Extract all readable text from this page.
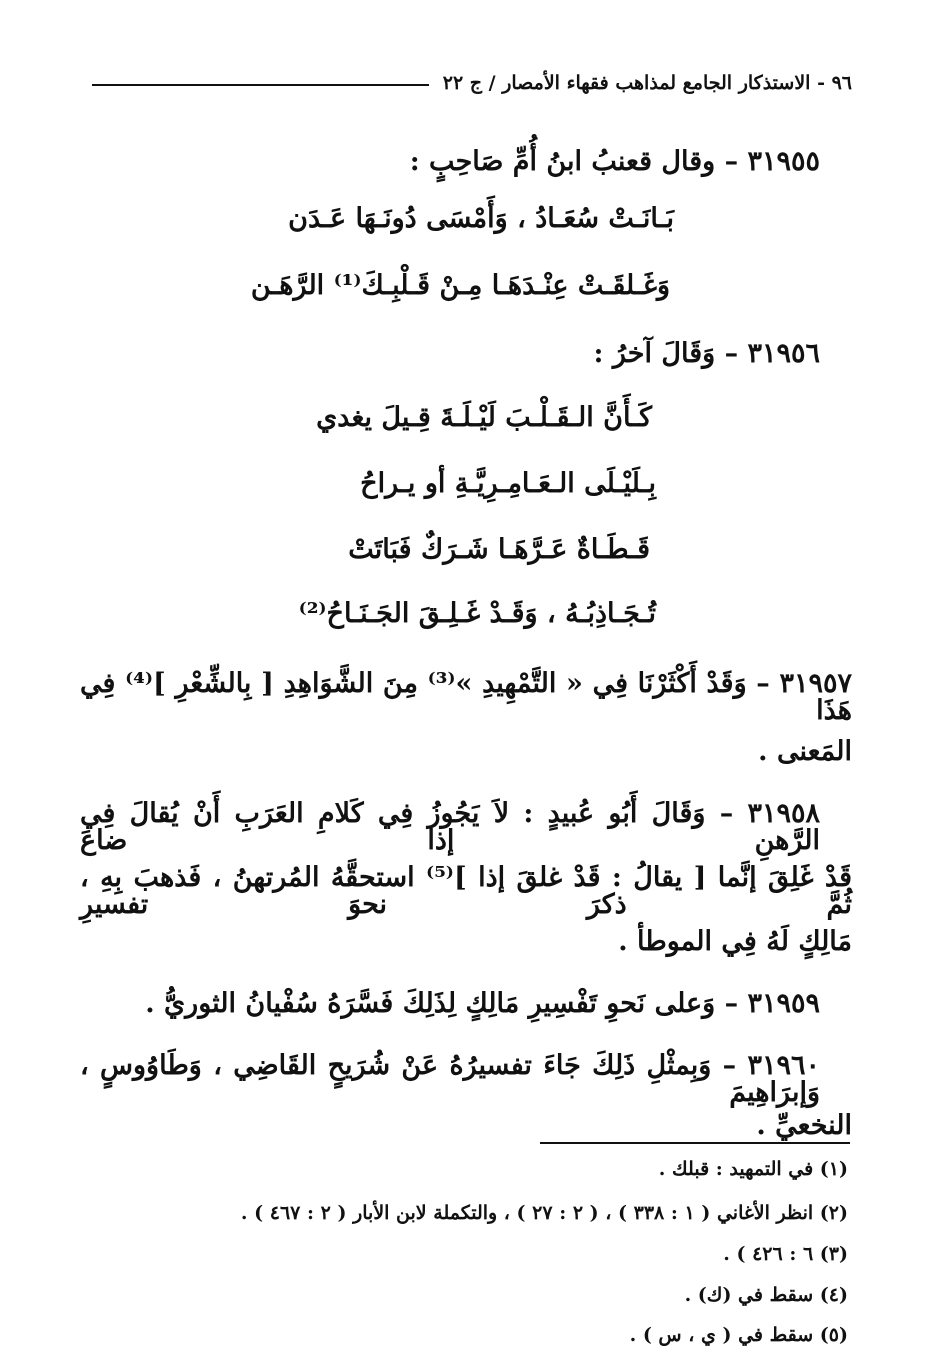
٩٦ - الاستذكار الجامع لمذاهب فقهاء الأمصار / ج ٢٢
٣١٩٥٥ – وقال قعنبُ ابنُ أُمِّ صَاحِبٍ :
بَـانَـتْ سُعَـادُ ، وَأَمْسَى دُونَـهَا عَـدَن
وَغَـلقَـتْ عِنْـدَهَـا مِـنْ قَـلْبِـكَ⁽¹⁾ الرَّهَـن
٣١٩٥٦ – وَقَالَ آخرُ :
كَـأَنَّ الـقَـلْـبَ لَيْـلَـةَ قِـيلَ يغدي
بِـلَيْـلَى الـعَـامِـرِيَّـةِ أو يـراحُ
قَـطَـاةٌ عَـرَّهَـا شَـرَكٌ فَبَاتَتْ
تُـجَـاذِبُـهُ ، وَقَـدْ غَـلِـقَ الجَـنَـاحُ⁽²⁾
٣١٩٥٧ – وَقَدْ أَكْثَرْنَا فِي « التَّمْهِيدِ »⁽³⁾ مِنَ الشَّوَاهِدِ [ بِالشِّعْرِ ]⁽⁴⁾ فِي هَذَا
المَعنى .
٣١٩٥٨ – وَقَالَ أَبُو عُبيدٍ : لاَ يَجُوزُ فِي كَلامِ العَرَبِ أَنْ يُقالَ فِي الرَّهنِ إذا ضاعَ
قَدْ غَلِقَ إنَّما [ يقالُ : قَدْ غلقَ إذا ]⁽⁵⁾ استحقَّهُ المُرتهنُ ، فَذهبَ بِهِ ، ثُمَّ ذكرَ نحوَ تفسيرِ
مَالِكٍ لَهُ فِي الموطأ .
٣١٩٥٩ – وَعلى نَحوِ تَفْسِيرِ مَالِكٍ لِذَلِكَ فَسَّرَهُ سُفْيانُ الثوريُّ .
٣١٩٦٠ – وَبِمثْلِ ذَلِكَ جَاءَ تفسيرُهُ عَنْ شُرَيحٍ القَاضِي ، وَطَاوُوسٍ ، وَإبرَاهِيمَ
النخعيِّ .
(١) في التمهيد : قبلك .
(٢) انظر الأغاني ( ١ : ٣٣٨ ) ، ( ٢ : ٢٧ ) ، والتكملة لابن الأبار ( ٢ : ٤٦٧ ) .
(٣) ٦ : ٤٢٦ ) .
(٤) سقط في (ك) .
(٥) سقط في ( ي ، س ) .
